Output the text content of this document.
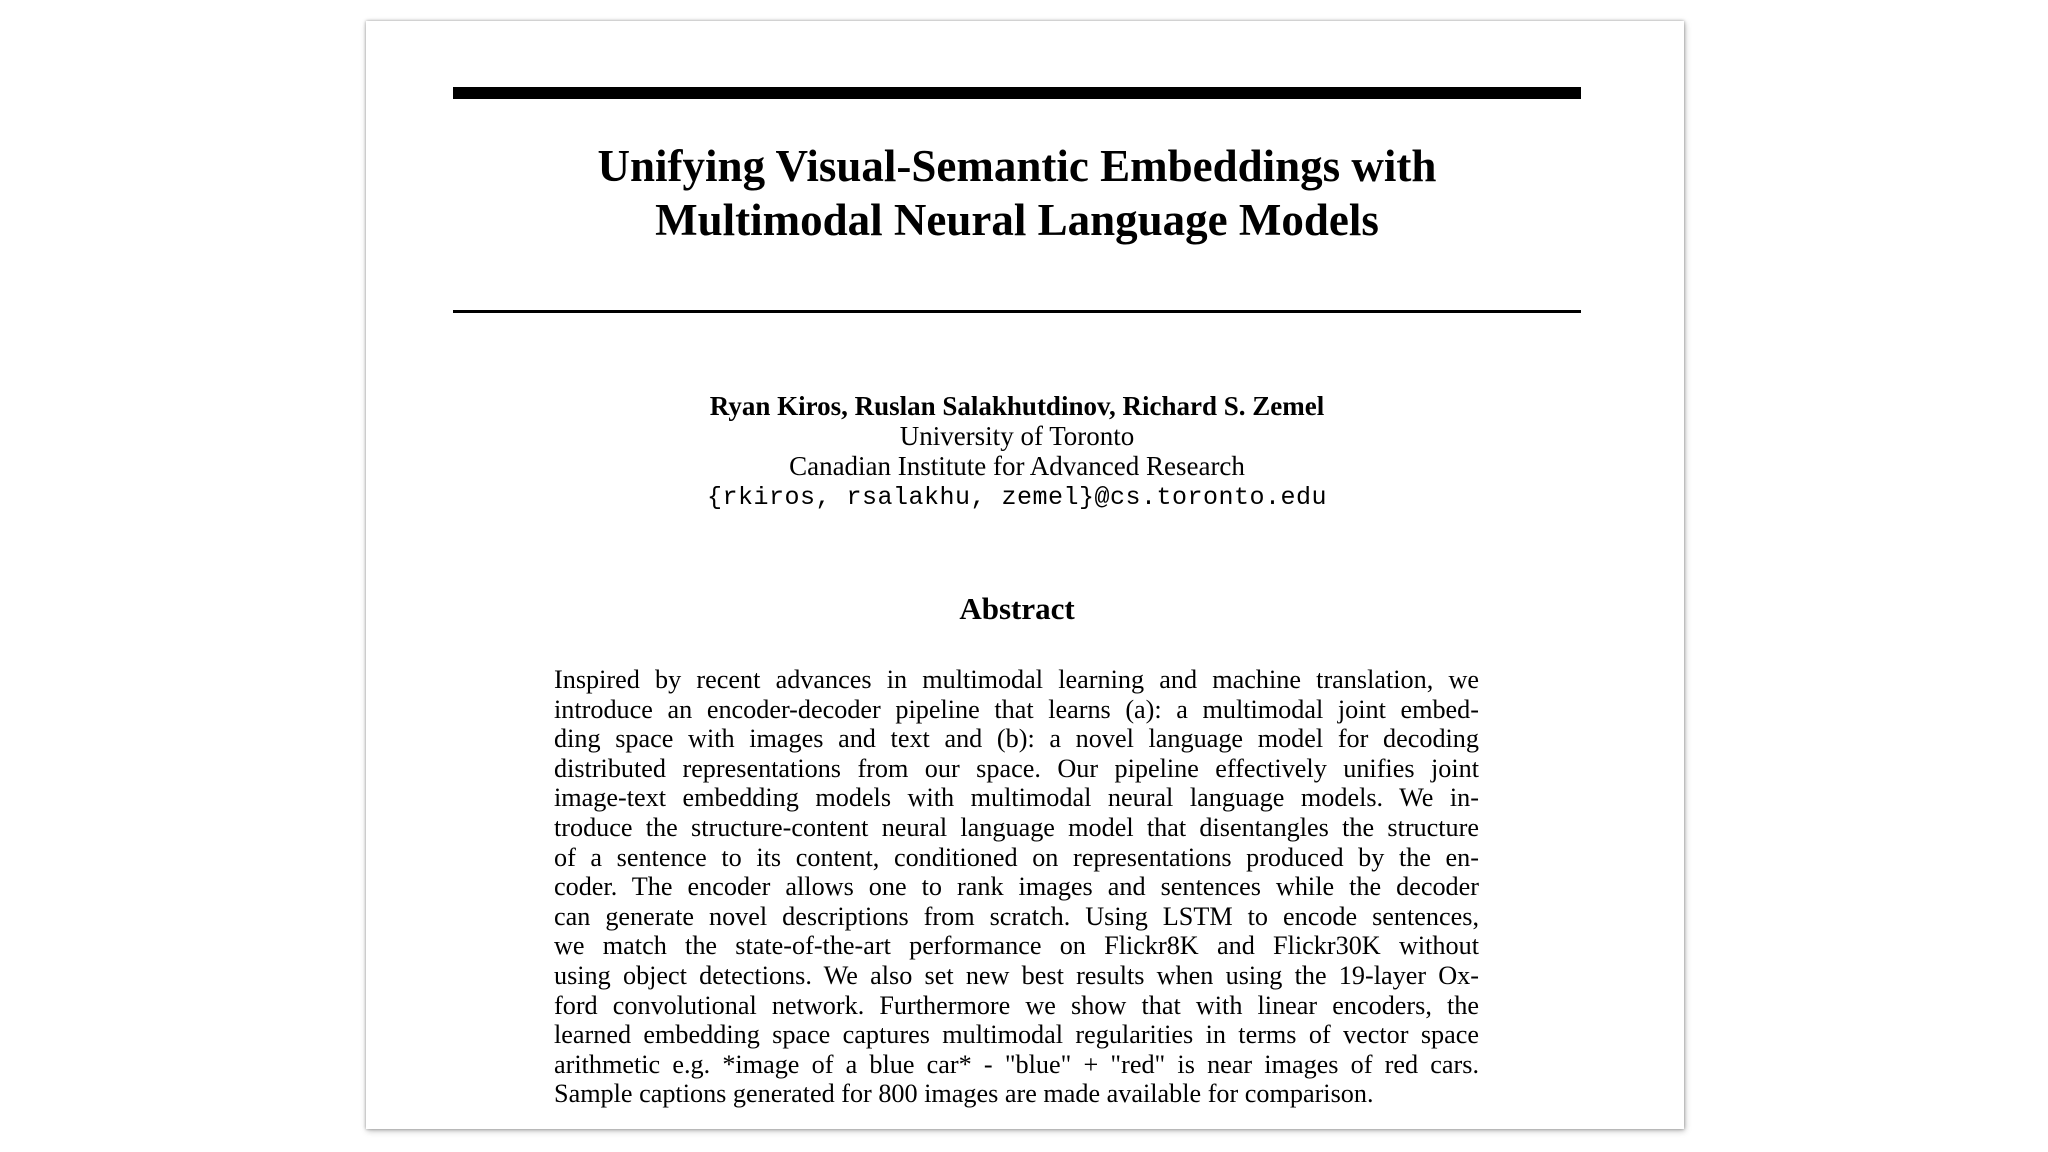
Unifying Visual-Semantic Embeddings with
Multimodal Neural Language Models
Ryan Kiros, Ruslan Salakhutdinov, Richard S. Zemel
University of Toronto
Canadian Institute for Advanced Research
{rkiros, rsalakhu, zemel}@cs.toronto.edu
Abstract
Inspired by recent advances in multimodal learning and machine translation, we
introduce an encoder-decoder pipeline that learns (a): a multimodal joint embed-
ding space with images and text and (b): a novel language model for decoding
distributed representations from our space. Our pipeline effectively unifies joint
image-text embedding models with multimodal neural language models. We in-
troduce the structure-content neural language model that disentangles the structure
of a sentence to its content, conditioned on representations produced by the en-
coder. The encoder allows one to rank images and sentences while the decoder
can generate novel descriptions from scratch. Using LSTM to encode sentences,
we match the state-of-the-art performance on Flickr8K and Flickr30K without
using object detections. We also set new best results when using the 19-layer Ox-
ford convolutional network. Furthermore we show that with linear encoders, the
learned embedding space captures multimodal regularities in terms of vector space
arithmetic e.g. *image of a blue car* - "blue" + "red" is near images of red cars.
Sample captions generated for 800 images are made available for comparison.
